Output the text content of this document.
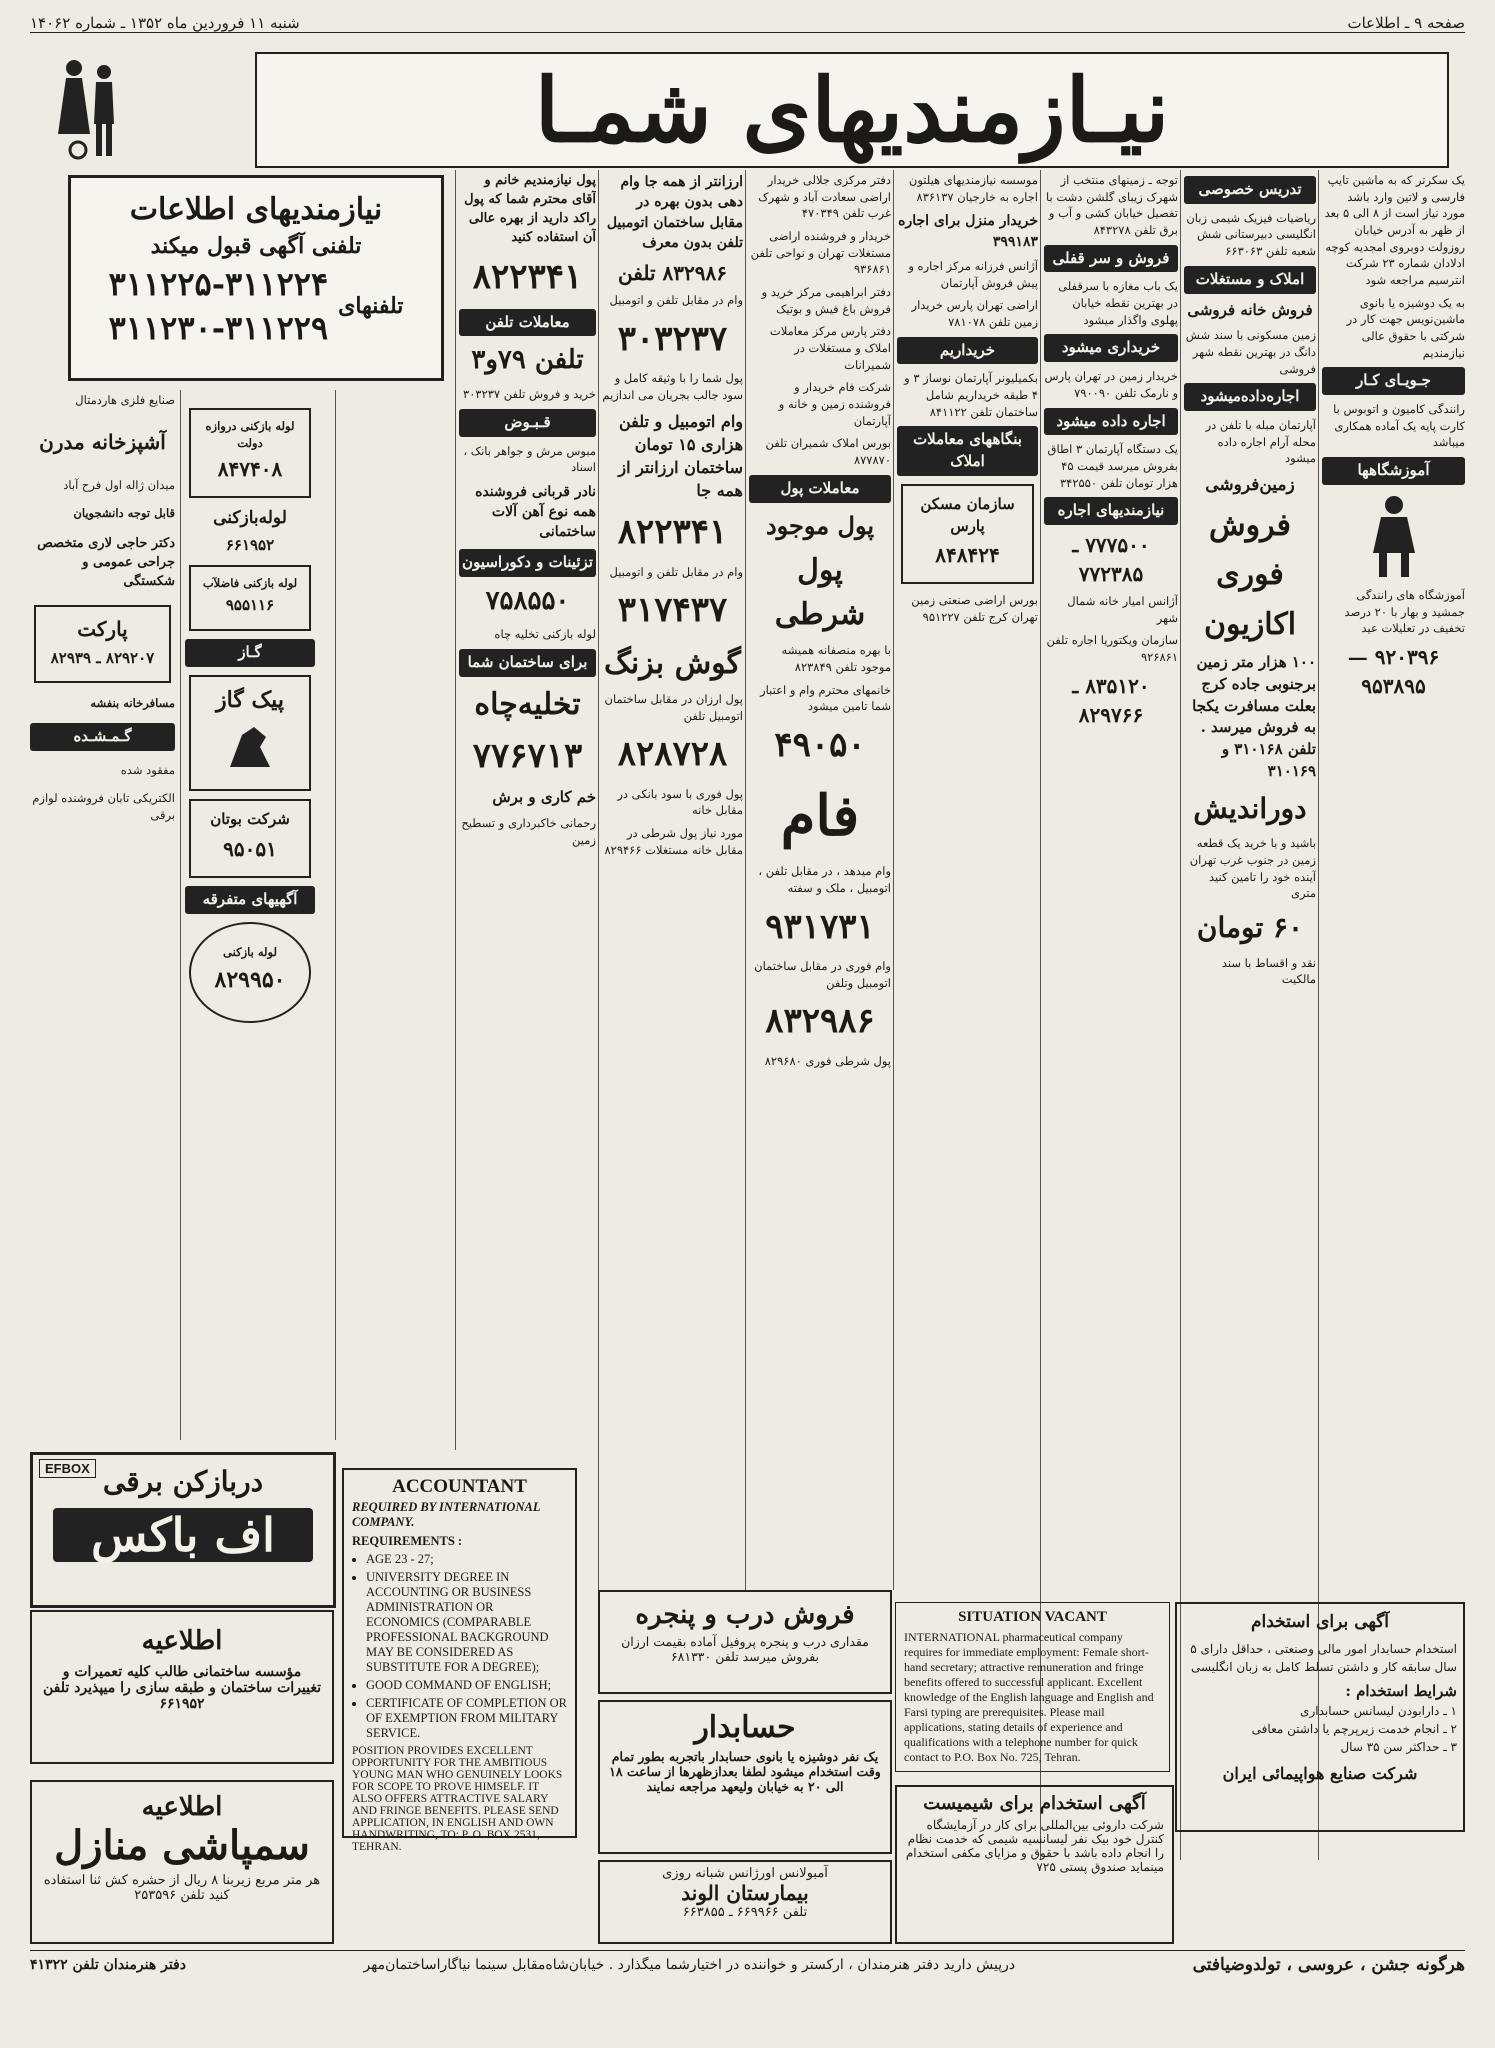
صفحه ۹ ـ اطلاعات
شنبه ۱۱ فروردین ماه ۱۳۵۲ ـ شماره ۱۴۰۶۲
نیـازمندیهای شمـا
نیازمندیهای اطلاعات
تلفنی آگهی قبول میکند
تلفنهای
۳۱۱۲۲۵-۳۱۱۲۲۴
۳۱۱۲۳۰-۳۱۱۲۲۹

یک سکرتر که به ماشین تایپ فارسی و لاتین وارد باشد مورد نیاز است از ۸ الی ۵ بعد از ظهر به آدرس خیابان روزولت دوبروی امجدیه کوچه ادلادان شماره ۲۳ شرکت انترسیم مراجعه شود

به یک دوشیزه یا بانوی ماشین‌نویس جهت کار در شرکتی با حقوق عالی نیازمندیم

جـویـای کـار

رانندگی کامیون و اتوبوس با کارت پایه یک آماده همکاری میباشد

آموزشگاهها

آموزشگاه های رانندگی جمشید و بهار با ۲۰ درصد تخفیف در تعلیلات عید

۹۲۰۳۹۶ — ۹۵۳۸۹۵
تدریس خصوصی

ریاضیات فیزیک شیمی زبان انگلیسی دبیرستانی شش شعبه تلفن ۶۶۳۰۶۳

املاک و مستغلات

فروش خانه فروشی

زمین مسکونی با سند شش دانگ در بهترین نقطه شهر فروشی

اجاره‌داده‌میشود

آپارتمان مبله با تلفن در محله آرام اجاره داده میشود

زمین‌فروشی

فروش
فوری
اکازیون

۱۰۰ هزار متر زمین برجنوبی جاده کرج بعلت مسافرت یکجا به فروش میرسد . تلفن ۳۱۰۱۶۸ و ۳۱۰۱۶۹

دوراندیش

باشید و با خرید یک قطعه زمین در جنوب غرب تهران آینده خود را تامین کنید متری

۶۰ تومان

نقد و اقساط با سند مالکیت

توجه ـ زمینهای منتخب از شهرک زیبای گلشن دشت با تفصیل خیابان کشی و آب و برق تلفن ۸۴۳۲۷۸

فروش و سر قفلی

یک باب مغازه با سرقفلی در بهترین نقطه خیابان پهلوی واگذار میشود

خریداری میشود

خریدار زمین در تهران پارس و نارمک تلفن ۷۹۰۰۹۰

اجاره داده میشود

یک دستگاه آپارتمان ۳ اطاق بفروش میرسد قیمت ۴۵ هزار تومان تلفن ۳۴۲۵۵۰

نیازمندیهای اجاره
۷۷۷۵۰۰ ـ ۷۷۲۳۸۵

آژانس امیار خانه شمال شهر

سازمان ویکتوریا اجاره تلفن ۹۲۶۸۶۱

۸۳۵۱۲۰ ـ ۸۲۹۷۶۶

موسسه نیازمندیهای هیلتون اجاره به خارجیان ۸۳۶۱۳۷

خریدار منزل برای اجاره ۳۹۹۱۸۳

آژانس فرزانه مرکز اجاره و پیش فروش آپارتمان

اراضی تهران پارس خریدار زمین تلفن ۷۸۱۰۷۸

خریداریم

بکمیلیونر آپارتمان نوساز ۳ و ۴ طبقه خریداریم شامل ساختمان تلفن ۸۴۱۱۲۲

بنگاههای معاملات املاک
سازمان مسکن پارس
۸۴۸۴۲۴

بورس اراضی صنعتی زمین تهران کرج تلفن ۹۵۱۲۲۷

دفتر مرکزی جلالی خریدار اراضی سعادت آباد و شهرک غرب تلفن ۴۷۰۳۴۹

خریدار و فروشنده اراضی مستغلات تهران و نواحی تلفن ۹۳۶۸۶۱

دفتر ابراهیمی مرکز خرید و فروش باغ فیش و بوتیک

دفتر پارس مرکز معاملات املاک و مستغلات در شمیرانات

شرکت فام خریدار و فروشنده زمین و خانه و آپارتمان

بورس املاک شمیران تلفن ۸۷۷۸۷۰

معاملات پول
پول موجود
پول شرطی

با بهره منصفانه همیشه موجود تلفن ۸۲۳۸۴۹

خانمهای محترم وام و اعتبار شما تامین میشود

۴۹۰۵۰
فام

وام میدهد ، در مقابل تلفن ، اتومبیل ، ملک و سفته

۹۳۱۷۳۱

وام فوری در مقابل ساختمان اتومبیل وتلفن

۸۳۲۹۸۶

پول شرطی فوری ۸۲۹۶۸۰

ارزانتر از همه جا وام دهی بدون بهره در مقابل ساختمان اتومبیل تلفن بدون معرف

۸۳۲۹۸۶ تلفن

وام در مقابل تلفن و اتومبیل

۳۰۳۲۳۷

پول شما را با وثیقه کامل و سود جالب بجریان می اندازیم

وام اتومبیل و تلفن هزاری ۱۵ تومان ساختمان ارزانتر از همه جا

۸۲۲۳۴۱

وام در مقابل تلفن و اتومبیل

۳۱۷۴۳۷
گوش بزنگ

پول ارزان در مقابل ساختمان اتومبیل تلفن

۸۲۸۷۲۸

پول فوری با سود بانکی در مقابل خانه

مورد نیاز پول شرطی در مقابل خانه مستغلات ۸۲۹۴۶۶

پول نیازمندیم خانم و آقای محترم شما که پول راکد دارید از بهره عالی آن استفاده کنید

۸۲۲۳۴۱
معاملات تلفن
تلفن ۷۹و۳

خرید و فروش تلفن ۳۰۳۲۳۷

قـبـوض

مبوس مرش و جواهر بانک ، اسناد

نادر قربانی فروشنده همه نوع آهن آلات ساختمانی

تزئینات و دکوراسیون
۷۵۸۵۵۰

لوله بازکنی تخلیه چاه

برای ساختمان شما
تخلیه‌چاه
۷۷۶۷۱۳

خم کاری و برش

رحمانی خاکبرداری و تسطیح زمین

صنایع فلزی هاردمتال

آشپزخانه مدرن

میدان ژاله اول فرح آباد

قابل توجه دانشجویان

دکتر حاجی لاری متخصص جراحی عمومی و شکستگی

پارکت
۸۲۹۲۰۷ ـ ۸۲۹۳۹

مسافرخانه بنفشه

گـمـشـده

مفقود شده

الکتریکی تابان فروشنده لوازم برقی

لوله بازکنی دروازه دولت
۸۴۷۴۰۸
لوله‌بازکنی
۶۶۱۹۵۲
لوله بازکنی فاضلآب
۹۵۵۱۱۶
گـاز
پیک گاز
شرکت بوتان
۹۵۰۵۱
آگهیهای متفرقه
لوله بازکنی
۸۲۹۹۵۰
EFBOX دربازکن برقی
اف باکس
اطلاعیه
مؤسسه ساختمانی طالب کلیه تعمیرات و تغییرات ساختمان و طبقه سازی را میپذیرد تلفن ۶۶۱۹۵۲
اطلاعیه
سمپاشی منازل
هر متر مربع زیربنا ۸ ریال از حشره کش ثنا استفاده کنید تلفن ۲۵۳۵۹۶
ACCOUNTANT
REQUIRED BY INTERNATIONAL COMPANY.
REQUIREMENTS :
• AGE 23 - 27;
• UNIVERSITY DEGREE IN ACCOUNTING OR BUSINESS ADMINISTRATION OR ECONOMICS (COMPARABLE PROFESSIONAL BACKGROUND MAY BE CONSIDERED AS SUBSTITUTE FOR A DEGREE);
• GOOD COMMAND OF ENGLISH;
• CERTIFICATE OF COMPLETION OR OF EXEMPTION FROM MILITARY SERVICE.
POSITION PROVIDES EXCELLENT OPPORTUNITY FOR THE AMBITIOUS YOUNG MAN WHO GENUINELY LOOKS FOR SCOPE TO PROVE HIMSELF. IT ALSO OFFERS ATTRACTIVE SALARY AND FRINGE BENEFITS. PLEASE SEND APPLICATION, IN ENGLISH AND OWN HANDWRITING, TO: P. O. BOX 2531, TEHRAN.
فروش درب و پنجره
مقداری درب و پنجره پروفیل آماده بقیمت ارزان بفروش میرسد تلفن ۶۸۱۳۳۰
حسابدار
یک نفر دوشیزه یا بانوی حسابدار باتجربه بطور تمام وقت استخدام میشود لطفا بعدازظهرها از ساعت ۱۸ الی ۲۰ به خیابان ولیعهد مراجعه نمایند
آمبولانس اورژانس شبانه روزی
بیمارستان الوند
تلفن ۶۶۹۹۶۶ ـ ۶۶۳۸۵۵
SITUATION VACANT
INTERNATIONAL pharmaceutical company requires for immediate employment: Female short-hand secretary; attractive remuneration and fringe benefits offered to successful applicant. Excellent knowledge of the English language and English and Farsi typing are prerequisites. Please mail applications, stating details of experience and qualifications with a telephone number for quick contact to P.O. Box No. 725, Tehran.
آگهی استخدام برای شیمیست
شرکت داروئی بین‌المللی برای کار در آزمایشگاه کنترل خود بیک نفر لیسانسیه شیمی که خدمت نظام را انجام داده باشد با حقوق و مزایای مکفی استخدام مینماید صندوق پستی ۷۲۵
آگهی برای استخدام
استخدام حسابدار امور مالی وصنعتی ، حداقل دارای ۵ سال سابقه کار و داشتن تسلط کامل به زبان انگلیسی
شرایط استخدام :
۱ ـ دارابودن لیسانس حسابداری
۲ ـ انجام خدمت زیرپرچم یا داشتن معافی
۳ ـ حداکثر سن ۳۵ سال
شرکت صنایع هواپیمائی ایران
هرگونه جشن ، عروسی ، تولدوضیافتی
درپیش دارید دفتر هنرمندان ، ارکستر و خواننده در اختیارشما میگذارد . خیابان‌شاه‌مقابل سینما نیاگاراساختمان‌مهر
دفتر هنرمندان تلفن ۴۱۳۲۲
